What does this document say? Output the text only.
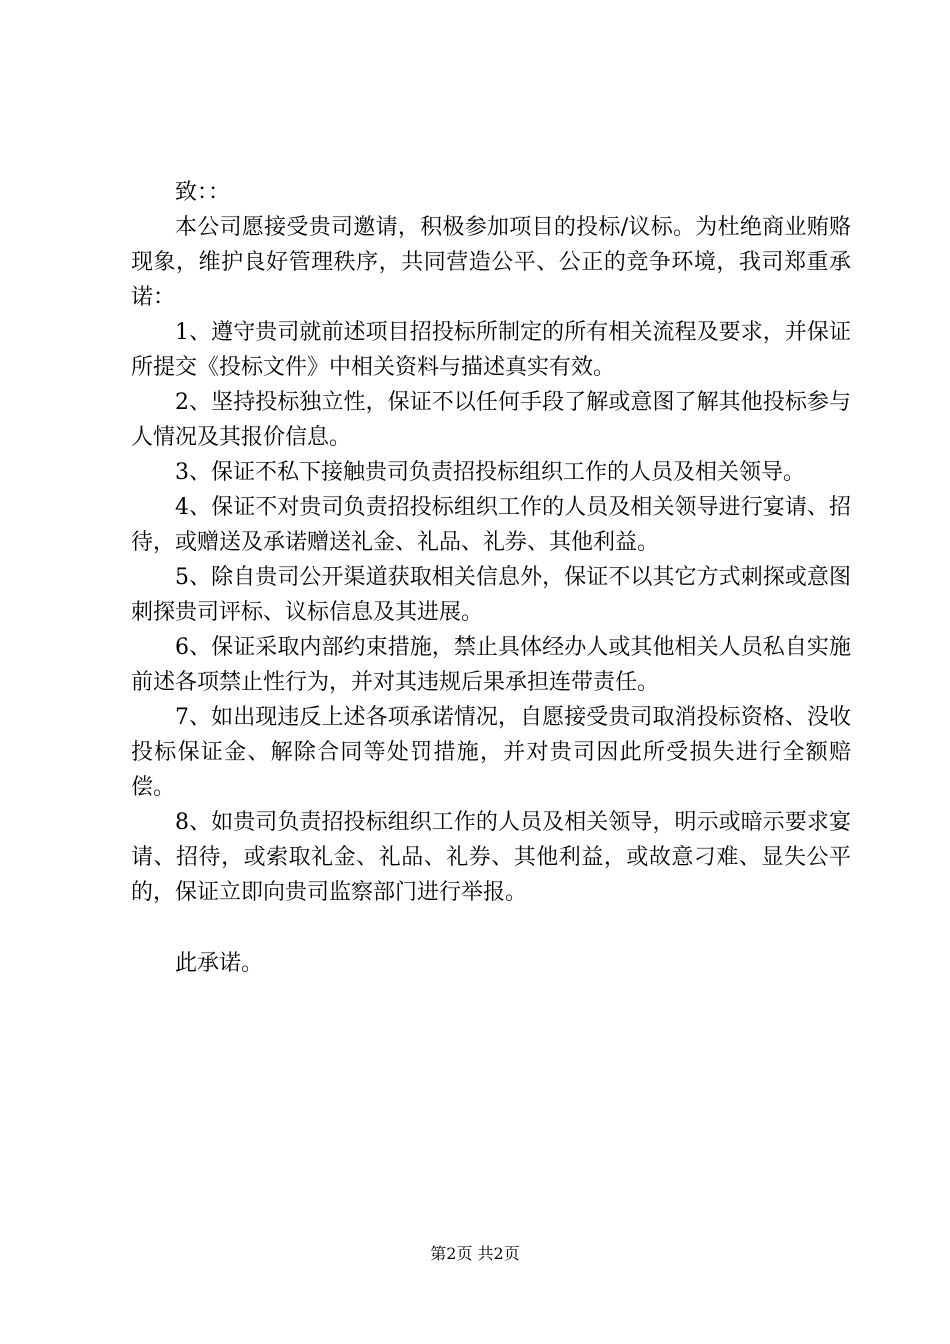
致：：

本公司愿接受贵司邀请，积极参加项目的投标/议标。为杜绝商业贿赂现象，维护良好管理秩序，共同营造公平、公正的竞争环境，我司郑重承诺：

1、遵守贵司就前述项目招投标所制定的所有相关流程及要求，并保证所提交《投标文件》中相关资料与描述真实有效。

2、坚持投标独立性，保证不以任何手段了解或意图了解其他投标参与人情况及其报价信息。

3、保证不私下接触贵司负责招投标组织工作的人员及相关领导。

4、保证不对贵司负责招投标组织工作的人员及相关领导进行宴请、招待，或赠送及承诺赠送礼金、礼品、礼券、其他利益。

5、除自贵司公开渠道获取相关信息外，保证不以其它方式刺探或意图刺探贵司评标、议标信息及其进展。

6、保证采取内部约束措施，禁止具体经办人或其他相关人员私自实施前述各项禁止性行为，并对其违规后果承担连带责任。

7、如出现违反上述各项承诺情况，自愿接受贵司取消投标资格、没收投标保证金、解除合同等处罚措施，并对贵司因此所受损失进行全额赔偿。

8、如贵司负责招投标组织工作的人员及相关领导，明示或暗示要求宴请、招待，或索取礼金、礼品、礼券、其他利益，或故意刁难、显失公平的，保证立即向贵司监察部门进行举报。

此承诺。

第2页 共2页
